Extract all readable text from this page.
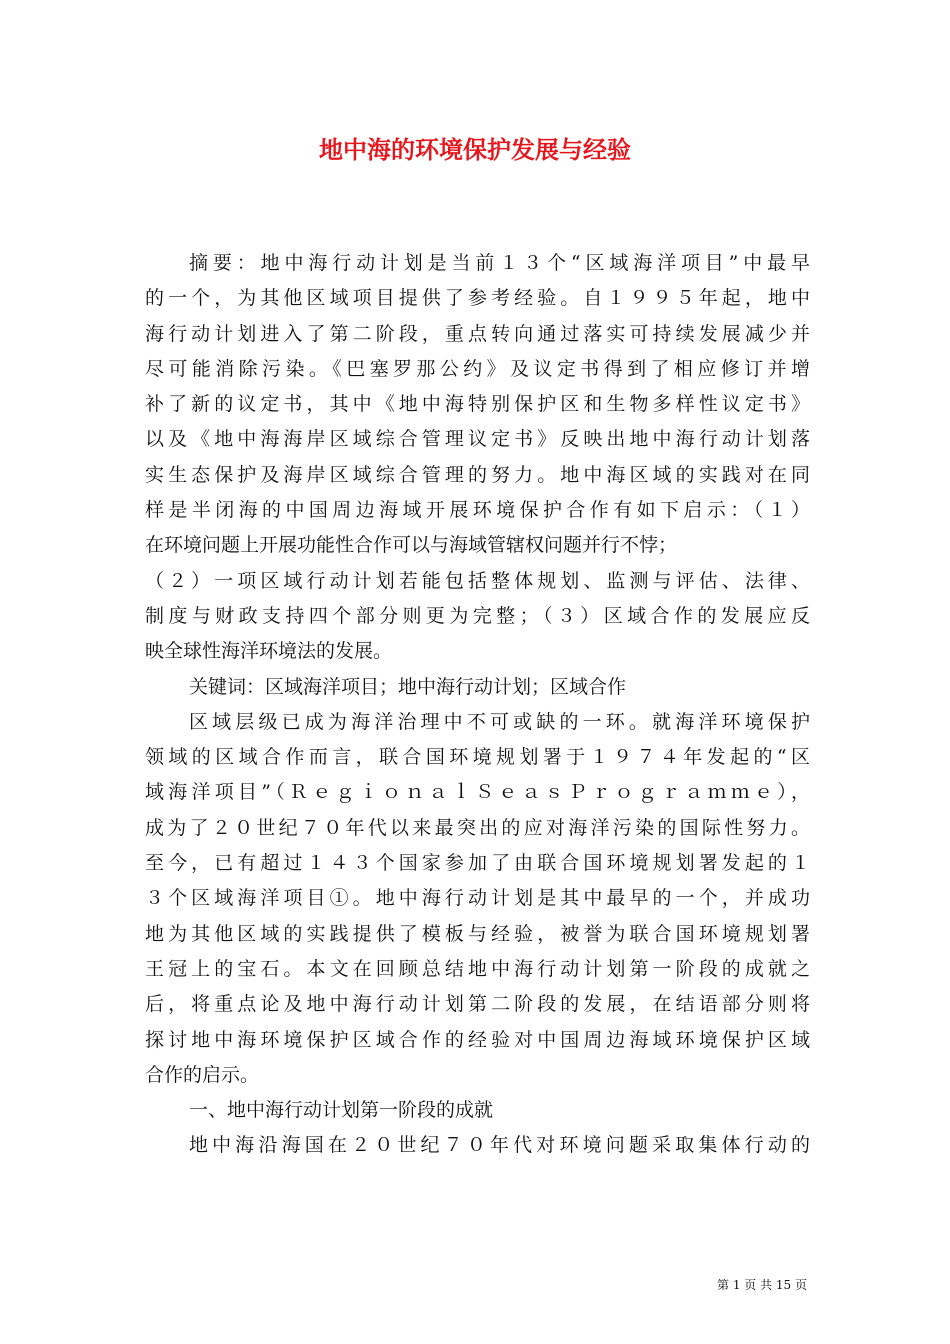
地中海的环境保护发展与经验
摘要：地中海行动计划是当前１３个“区域海洋项目”中最早
的一个，为其他区域项目提供了参考经验。自１９９５年起，地中
海行动计划进入了第二阶段，重点转向通过落实可持续发展减少并
尽可能消除污染。《巴塞罗那公约》及议定书得到了相应修订并增
补了新的议定书，其中《地中海特别保护区和生物多样性议定书》
以及《地中海海岸区域综合管理议定书》反映出地中海行动计划落
实生态保护及海岸区域综合管理的努力。地中海区域的实践对在同
样是半闭海的中国周边海域开展环境保护合作有如下启示：（１）
在环境问题上开展功能性合作可以与海域管辖权问题并行不悖；
（２）一项区域行动计划若能包括整体规划、监测与评估、法律、
制度与财政支持四个部分则更为完整；（３）区域合作的发展应反
映全球性海洋环境法的发展。
关键词：区域海洋项目；地中海行动计划；区域合作
区域层级已成为海洋治理中不可或缺的一环。就海洋环境保护
领域的区域合作而言，联合国环境规划署于１９７４年发起的“区
域海洋项目”（ＲｅｇｉｏｎａｌＳｅａｓＰｒｏｇｒａｍｍｅ），
成为了２０世纪７０年代以来最突出的应对海洋污染的国际性努力。
至今，已有超过１４３个国家参加了由联合国环境规划署发起的１
３个区域海洋项目①。地中海行动计划是其中最早的一个，并成功
地为其他区域的实践提供了模板与经验，被誉为联合国环境规划署
王冠上的宝石。本文在回顾总结地中海行动计划第一阶段的成就之
后，将重点论及地中海行动计划第二阶段的发展，在结语部分则将
探讨地中海环境保护区域合作的经验对中国周边海域环境保护区域
合作的启示。
一、地中海行动计划第一阶段的成就
地中海沿海国在２０世纪７０年代对环境问题采取集体行动的
第 1 页 共 15 页
